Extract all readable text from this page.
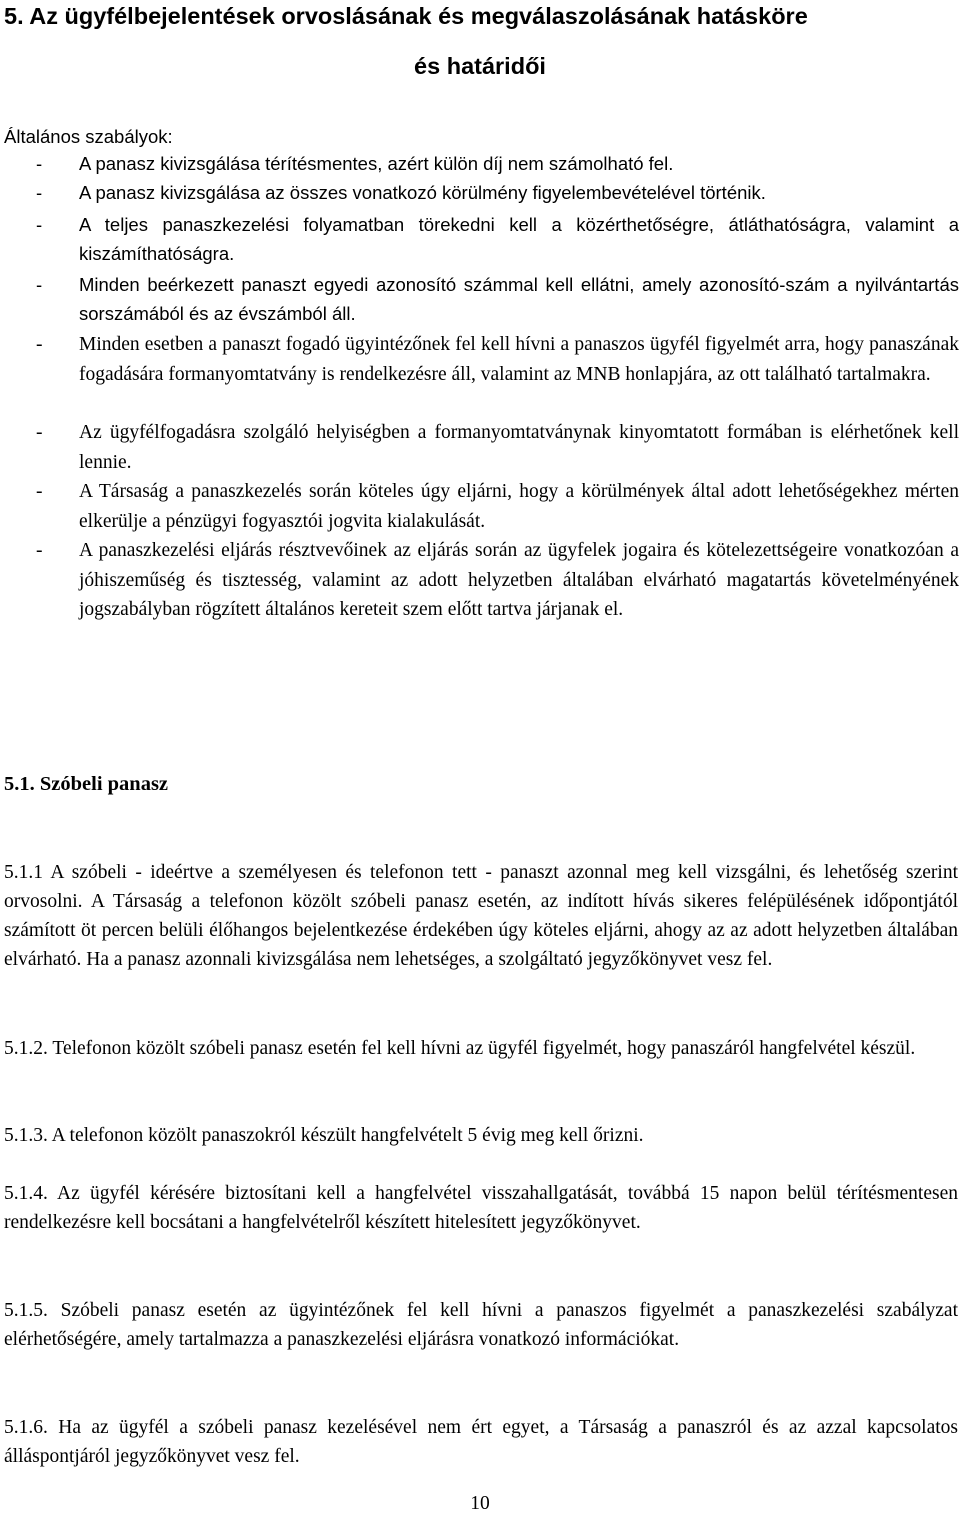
5. Az ügyfélbejelentések orvoslásának és megválaszolásának hatásköre
és határidői
Általános szabályok:
- A panasz kivizsgálása térítésmentes, azért külön díj nem számolható fel.
- A panasz kivizsgálása az összes vonatkozó körülmény figyelembevételével történik.
- A teljes panaszkezelési folyamatban törekedni kell a közérthetőségre, átláthatóságra, valamint a kiszámíthatóságra.
- Minden beérkezett panaszt egyedi azonosító számmal kell ellátni, amely azonosító-szám a nyilvántartás sorszámából és az évszámból áll.
- Minden esetben a panaszt fogadó ügyintézőnek fel kell hívni a panaszos ügyfél figyelmét arra, hogy panaszának fogadására formanyomtatvány is rendelkezésre áll, valamint az MNB honlapjára, az ott található tartalmakra.
- Az ügyfélfogadásra szolgáló helyiségben a formanyomtatványnak kinyomtatott formában is elérhetőnek kell lennie.
- A Társaság a panaszkezelés során köteles úgy eljárni, hogy a körülmények által adott lehetőségekhez mérten elkerülje a pénzügyi fogyasztói jogvita kialakulását.
- A panaszkezelési eljárás résztvevőinek az eljárás során az ügyfelek jogaira és kötelezettségeire vonatkozóan a jóhiszeműség és tisztesség, valamint az adott helyzetben általában elvárható magatartás követelményének jogszabályban rögzített általános kereteit szem előtt tartva járjanak el.
5.1. Szóbeli panasz
5.1.1 A szóbeli - ideértve a személyesen és telefonon tett - panaszt azonnal meg kell vizsgálni, és lehetőség szerint orvosolni. A Társaság a telefonon közölt szóbeli panasz esetén, az indított hívás sikeres felépülésének időpontjától számított öt percen belüli élőhangos bejelentkezése érdekében úgy köteles eljárni, ahogy az az adott helyzetben általában elvárható. Ha a panasz azonnali kivizsgálása nem lehetséges, a szolgáltató jegyzőkönyvet vesz fel.
5.1.2. Telefonon közölt szóbeli panasz esetén fel kell hívni az ügyfél figyelmét, hogy panaszáról hangfelvétel készül.
5.1.3. A telefonon közölt panaszokról készült hangfelvételt 5 évig meg kell őrizni.
5.1.4. Az ügyfél kérésére biztosítani kell a hangfelvétel visszahallgatását, továbbá 15 napon belül térítésmentesen rendelkezésre kell bocsátani a hangfelvételről készített hitelesített jegyzőkönyvet.
5.1.5. Szóbeli panasz esetén az ügyintézőnek fel kell hívni a panaszos figyelmét a panaszkezelési szabályzat elérhetőségére, amely tartalmazza a panaszkezelési eljárásra vonatkozó információkat.
5.1.6. Ha az ügyfél a szóbeli panasz kezelésével nem ért egyet, a Társaság a panaszról és az azzal kapcsolatos álláspontjáról jegyzőkönyvet vesz fel.
10
